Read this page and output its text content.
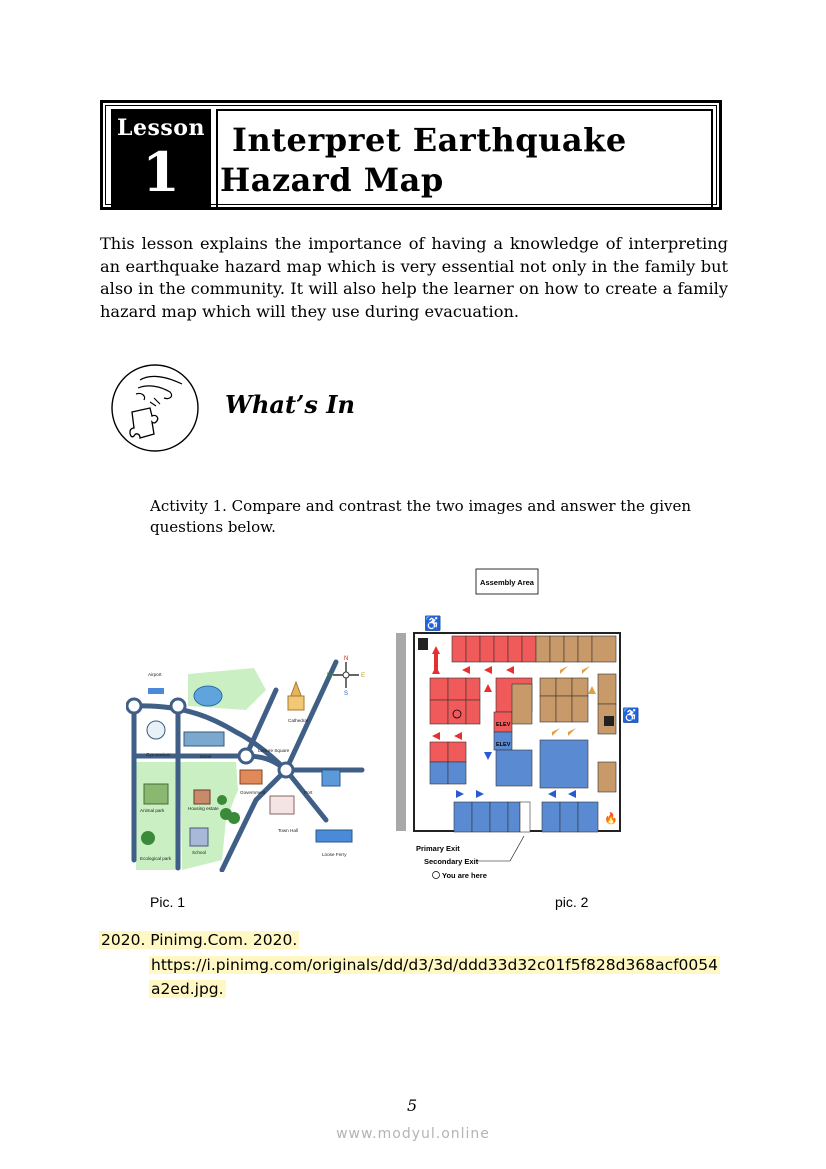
Lesson
1	Interpret Earthquake
Hazard Map
This lesson explains the importance of having a knowledge of interpreting an earthquake hazard map which is very essential not only in the family but also in the community. It will also help the learner on how to create a family hazard map which will they use during evacuation.
What’s In
Activity 1. Compare and contrast the two images and answer the given questions below.
N
S
W	E
Airport
Cathedral
Gymnasium	Motel
Leisure Square
Government	Port
Animal park	Housing estate
School
Town Hall
Ecological park
Loose Ferry
Pic. 1
Assembly Area
♿
♿
ELEV
ELEV
🔥
Primary Exit
Secondary Exit
You are here
pic. 2
2020. Pinimg.Com. 2020.
https://i.pinimg.com/originals/dd/d3/3d/ddd33d32c01f5f828d368acf0054
a2ed.jpg.
5
www.modyul.online
